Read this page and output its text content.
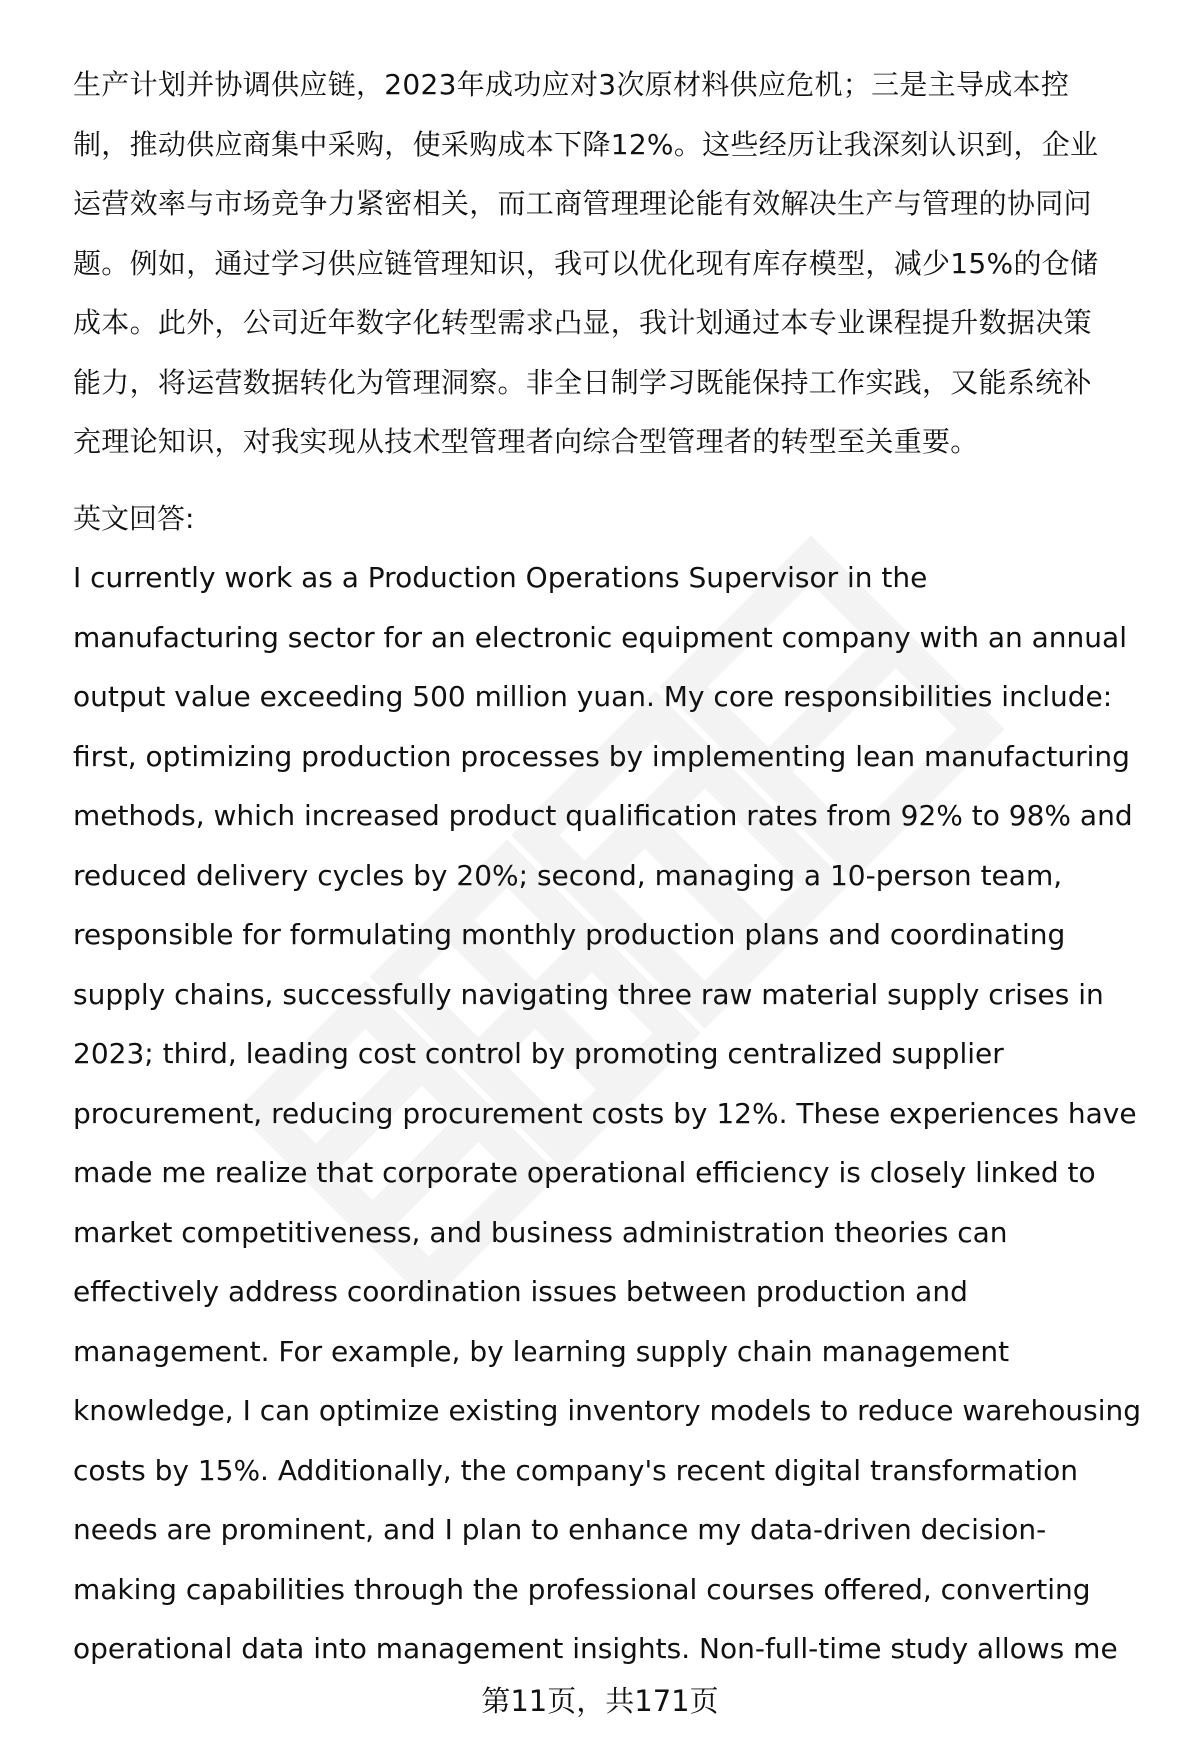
生产计划并协调供应链，2023年成功应对3次原材料供应危机；三是主导成本控
制，推动供应商集中采购，使采购成本下降12%。这些经历让我深刻认识到，企业
运营效率与市场竞争力紧密相关，而工商管理理论能有效解决生产与管理的协同问
题。例如，通过学习供应链管理知识，我可以优化现有库存模型，减少15%的仓储
成本。此外，公司近年数字化转型需求凸显，我计划通过本专业课程提升数据决策
能力，将运营数据转化为管理洞察。非全日制学习既能保持工作实践，又能系统补
充理论知识，对我实现从技术型管理者向综合型管理者的转型至关重要。
英文回答:
I currently work as a Production Operations Supervisor in the
manufacturing sector for an electronic equipment company with an annual
output value exceeding 500 million yuan. My core responsibilities include:
first, optimizing production processes by implementing lean manufacturing
methods, which increased product qualification rates from 92% to 98% and
reduced delivery cycles by 20%; second, managing a 10-person team,
responsible for formulating monthly production plans and coordinating
supply chains, successfully navigating three raw material supply crises in
2023; third, leading cost control by promoting centralized supplier
procurement, reducing procurement costs by 12%. These experiences have
made me realize that corporate operational efficiency is closely linked to
market competitiveness, and business administration theories can
effectively address coordination issues between production and
management. For example, by learning supply chain management
knowledge, I can optimize existing inventory models to reduce warehousing
costs by 15%. Additionally, the company's recent digital transformation
needs are prominent, and I plan to enhance my data-driven decision-
making capabilities through the professional courses offered, converting
operational data into management insights. Non-full-time study allows me
第11页，共171页
